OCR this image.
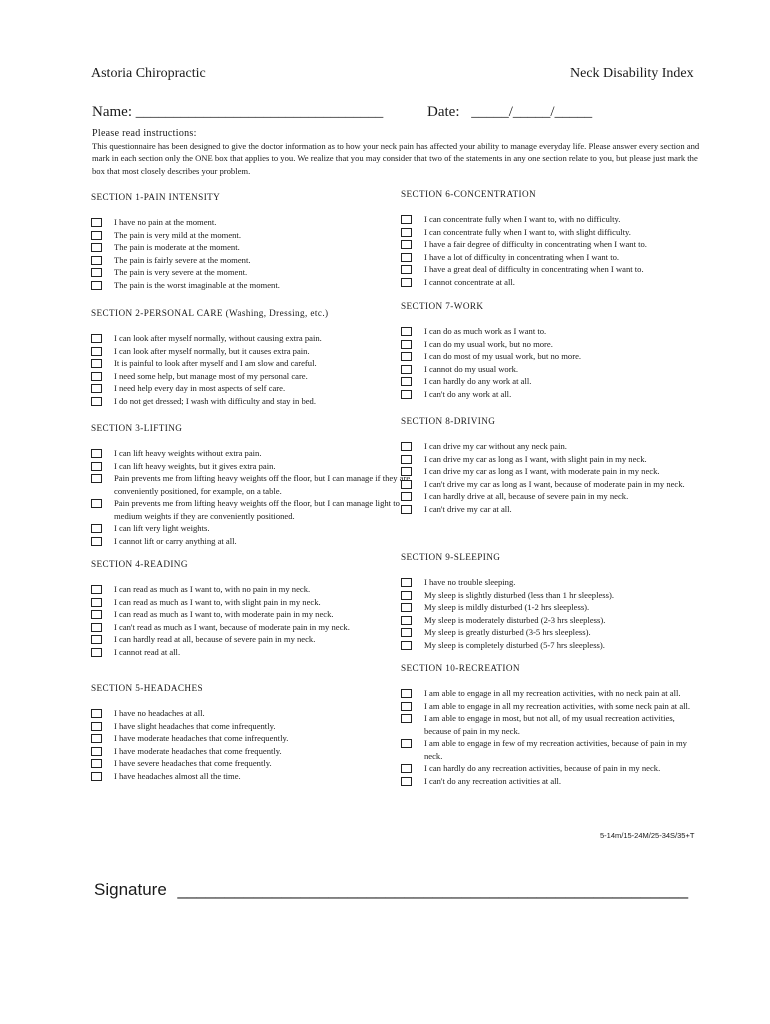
Astoria Chiropractic	Neck Disability Index
Name: _________________________________	Date: _____/_____/_____
Please read instructions:
This questionnaire has been designed to give the doctor information as to how your neck pain has affected your ability to manage everyday life. Please answer every section and mark in each section only the ONE box that applies to you. We realize that you may consider that two of the statements in any one section relate to you, but please just mark the box that most closely describes your problem.
SECTION 1-PAIN INTENSITY
I have no pain at the moment.
The pain is very mild at the moment.
The pain is moderate at the moment.
The pain is fairly severe at the moment.
The pain is very severe at the moment.
The pain is the worst imaginable at the moment.
SECTION 2-PERSONAL CARE (Washing, Dressing, etc.)
I can look after myself normally, without causing extra pain.
I can look after myself normally, but it causes extra pain.
It is painful to look after myself and I am slow and careful.
I need some help, but manage most of my personal care.
I need help every day in most aspects of self care.
I do not get dressed; I wash with difficulty and stay in bed.
SECTION 3-LIFTING
I can lift heavy weights without extra pain.
I can lift heavy weights, but it gives extra pain.
Pain prevents me from lifting heavy weights off the floor, but I can manage if they are conveniently positioned, for example, on a table.
Pain prevents me from lifting heavy weights off the floor, but I can manage light to medium weights if they are conveniently positioned.
I can lift very light weights.
I cannot lift or carry anything at all.
SECTION 4-READING
I can read as much as I want to, with no pain in my neck.
I can read as much as I want to, with slight pain in my neck.
I can read as much as I want to, with moderate pain in my neck.
I can't read as much as I want, because of moderate pain in my neck.
I can hardly read at all, because of severe pain in my neck.
I cannot read at all.
SECTION 5-HEADACHES
I have no headaches at all.
I have slight headaches that come infrequently.
I have moderate headaches that come infrequently.
I have moderate headaches that come frequently.
I have severe headaches that come frequently.
I have headaches almost all the time.
SECTION 6-CONCENTRATION
I can concentrate fully when I want to, with no difficulty.
I can concentrate fully when I want to, with slight difficulty.
I have a fair degree of difficulty in concentrating when I want to.
I have a lot of difficulty in concentrating when I want to.
I have a great deal of difficulty in concentrating when I want to.
I cannot concentrate at all.
SECTION 7-WORK
I can do as much work as I want to.
I can do my usual work, but no more.
I can do most of my usual work, but no more.
I cannot do my usual work.
I can hardly do any work at all.
I can't do any work at all.
SECTION 8-DRIVING
I can drive my car without any neck pain.
I can drive my car as long as I want, with slight pain in my neck.
I can drive my car as long as I want, with moderate pain in my neck.
I can't drive my car as long as I want, because of moderate pain in my neck.
I can hardly drive at all, because of severe pain in my neck.
I can't drive my car at all.
SECTION 9-SLEEPING
I have no trouble sleeping.
My sleep is slightly disturbed (less than 1 hr sleepless).
My sleep is mildly disturbed (1-2 hrs sleepless).
My sleep is moderately disturbed (2-3 hrs sleepless).
My sleep is greatly disturbed (3-5 hrs sleepless).
My sleep is completely disturbed (5-7 hrs sleepless).
SECTION 10-RECREATION
I am able to engage in all my recreation activities, with no neck pain at all.
I am able to engage in all my recreation activities, with some neck pain at all.
I am able to engage in most, but not all, of my usual recreation activities, because of pain in my neck.
I am able to engage in few of my recreation activities, because of pain in my neck.
I can hardly do any recreation activities, because of pain in my neck.
I can't do any recreation activities at all.
5-14m/15-24M/25-34S/35+T
Signature ______________________________________________________
